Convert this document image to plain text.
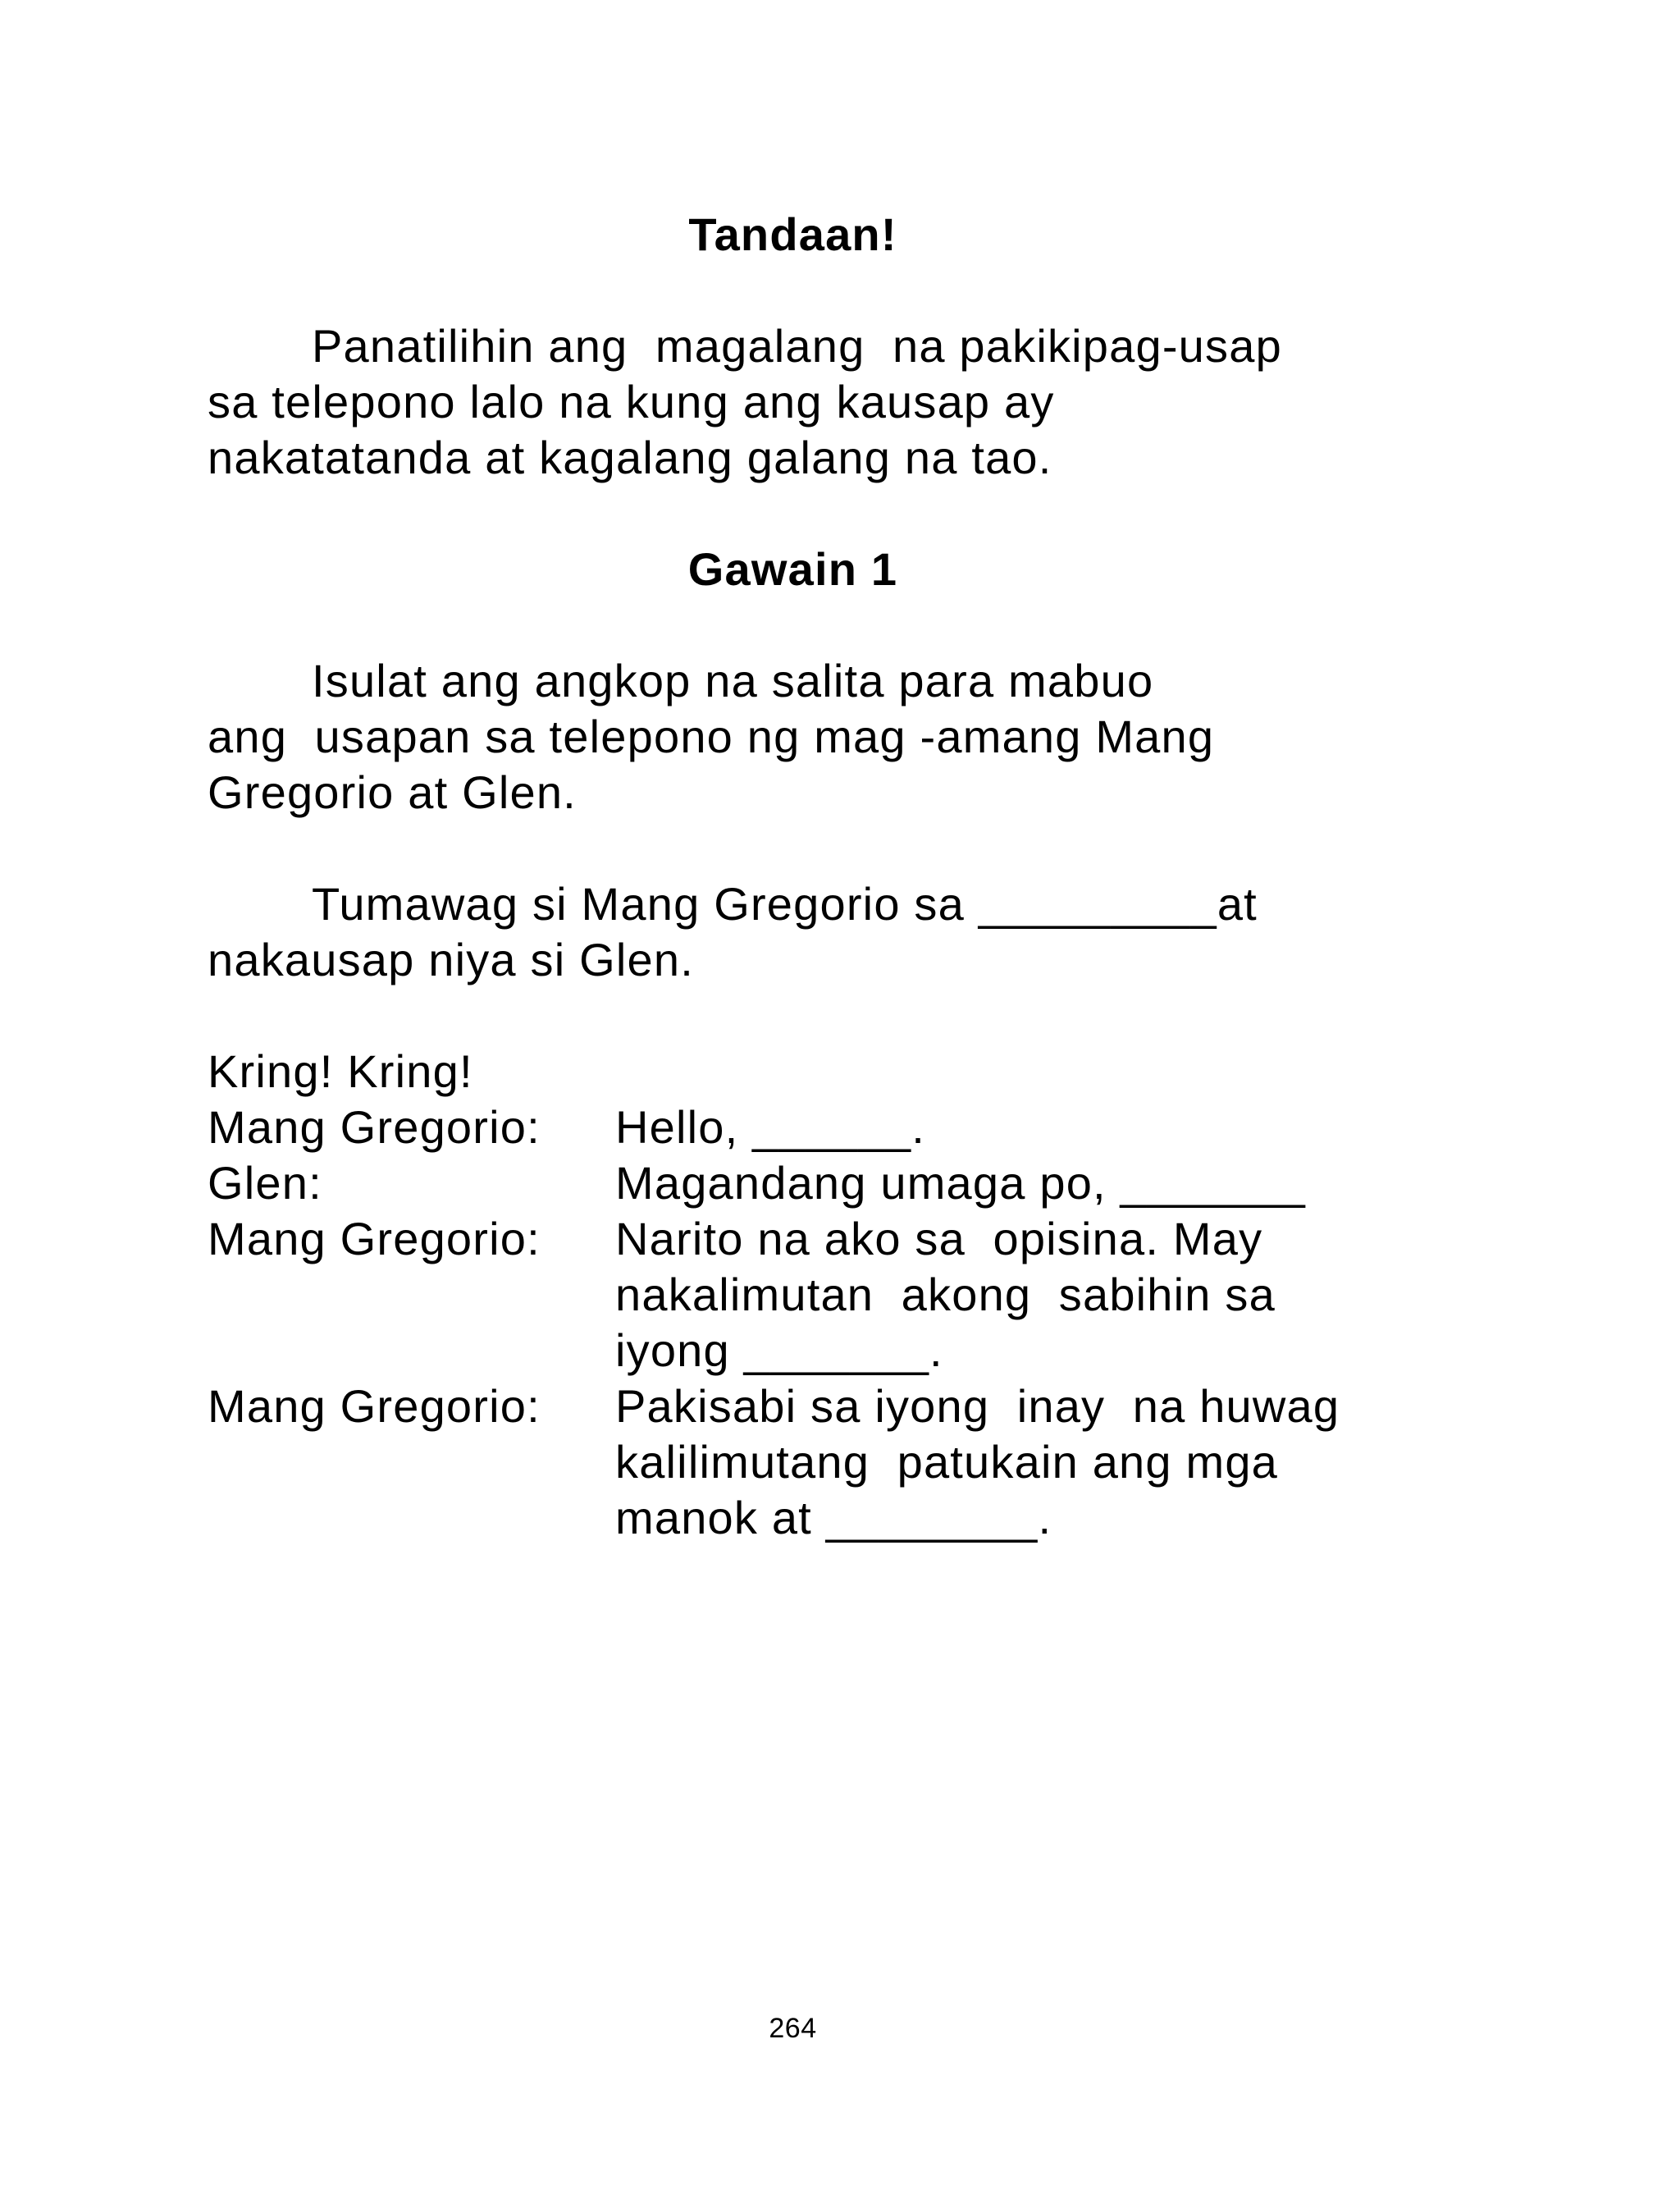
Tandaan!

Panatilihin ang  magalang  na pakikipag-usap

sa telepono lalo na kung ang kausap ay

nakatatanda at kagalang galang na tao.

Gawain 1

Isulat ang angkop na salita para mabuo

ang  usapan sa telepono ng mag -amang Mang

Gregorio at Glen.

Tumawag si Mang Gregorio sa _________at

nakausap niya si Glen.

Kring! Kring!

Mang Gregorio:	Hello, ______.

Glen:	Magandang umaga po, _______

Mang Gregorio:	Narito na ako sa  opisina. May

nakalimutan  akong  sabihin sa

iyong _______.

Mang Gregorio:	Pakisabi sa iyong  inay  na huwag

kalilimutang  patukain ang mga

manok at ________.

264
